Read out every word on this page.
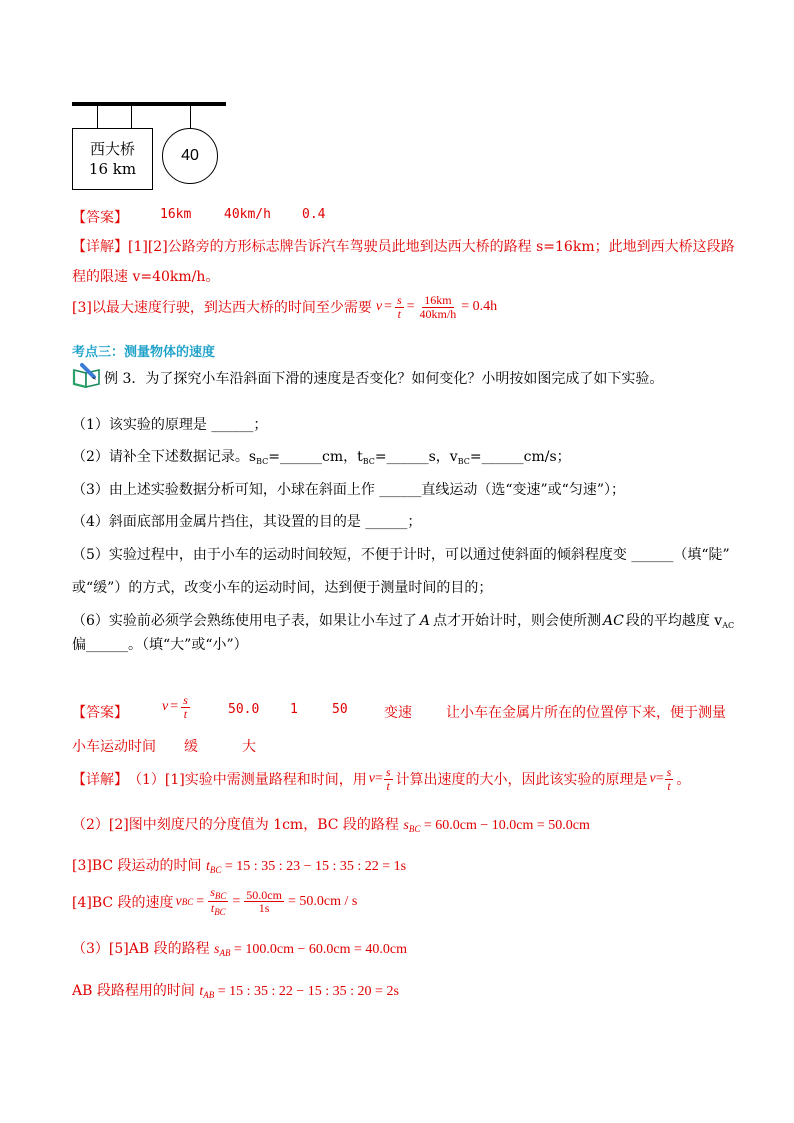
西大桥
16 km
40
【答案】 16km	40km/h 0.4
【详解】[1][2]公路旁的方形标志牌告诉汽车驾驶员此地到达西大桥的路程 s=16km；此地到西大桥这段路
程的限速 v=40km/h。
[3]以最大速度行驶，到达西大桥的时间至少需要 $v = \frac{s}{t} = \frac{16km}{40km/h} = 0.4h$
考点三：测量物体的速度
例 3．为了探究小车沿斜面下滑的速度是否变化？如何变化？小明按如图完成了如下实验。
（1）该实验的原理是 ______；
（2）请补全下述数据记录。$s_{BC}=\_\_\_\_\_\_cm$，$t_{BC}=\_\_\_\_\_\_s$，$v_{BC}=\_\_\_\_\_\_cm/s$；
（3）由上述实验数据分析可知，小球在斜面上作 ______直线运动（选“变速”或“匀速”）；
（4）斜面底部用金属片挡住，其设置的目的是 ______；
（5）实验过程中，由于小车的运动时间较短，不便于计时，可以通过使斜面的倾斜程度变 ______（填“陡”
或“缓”）的方式，改变小车的运动时间，达到便于测量时间的目的；
（6）实验前必须学会熟练使用电子表，如果让小车过了 A 点才开始计时，则会使所测 AC 段的平均越度 $v_{AC}$
偏______。（填“大”或“小”）
【答案】 $v = \frac{s}{t}$	50.0 1	50	变速 让小车在金属片所在的位置停下来，便于测量
小车运动时间 缓	大
【详解】 （1）[1]实验中需测量路程和时间，用 $v = \frac{s}{t}$ 计算出速度的大小，因此该实验的原理是 $v = \frac{s}{t}$ 。
（2）[2]图中刻度尺的分度值为 1cm，BC 段的路程 $s_{BC} = 60.0cm - 10.0cm = 50.0cm$
[3]BC 段运动的时间 $t_{BC} = 15$ : 35 : 23 − 15 : 35 : 22 = 1s
[4]BC 段的速度 v BC = $\frac{s_{BC}}{t_{BC}} = \frac{50.0cm}{1s} = 50.0cm / s$
（3）[5]AB 段的路程 $s_{AB} = 100.0cm - 60.0cm = 40.0cm$
AB 段路程用的时间 $t_{AB} = 15$ : 35 : 22 − 15 : 35 : 20 = 2s
